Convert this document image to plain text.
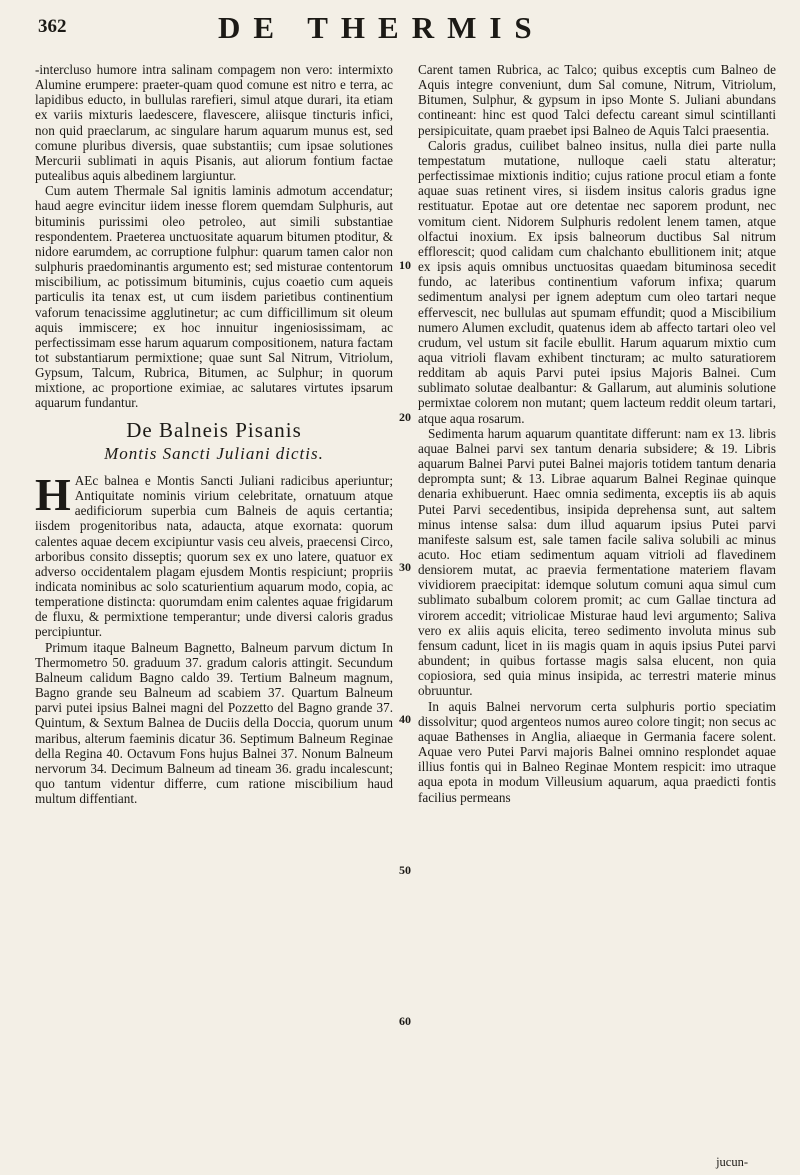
362	DE THERMIS

-intercluso humore intra salinam compagem non vero: intermixto Alumine erumpere: praeter-quam quod comune est nitro e terra, ac lapidibus educto, in bullulas rarefieri, simul atque durari, ita etiam ex variis mixturis laedescere, flavescere, aliisque tincturis infici, non quid praeclarum, ac singulare harum aquarum munus est, sed comune pluribus diversis, quae substantiis; cum ipsae solutiones Mercurii sublimati in aquis Pisanis, aut aliorum fontium factae putealibus aquis albedinem largiuntur.

Cum autem Thermale Sal ignitis laminis admotum accendatur; haud aegre evincitur iidem inesse florem quemdam Sulphuris, aut bituminis purissimi oleo petroleo, aut simili substantiae respondentem. Praeterea unctuositate aquarum bitumen ptoditur, & nidore earumdem, ac corruptione fulphur: quarum tamen calor non sulphuris praedominantis argumento est; sed misturae contentorum miscibilium, ac potissimum bituminis, cujus coaetio cum aqueis particulis ita tenax est, ut cum iisdem parietibus continentium vaforum tenacissime agglutinetur; ac cum difficillimum sit oleum aquis immiscere; ex hoc innuitur ingeniosissimam, ac perfectissimam esse harum aquarum compositionem, natura factam tot substantiarum permixtione; quae sunt Sal Nitrum, Vitriolum, Gypsum, Talcum, Rubrica, Bitumen, ac Sulphur; in quorum mixtione, ac proportione eximiae, ac salutares virtutes ipsarum aquarum fundantur.

De Balneis Pisanis
Montis Sancti Juliani dictis.

H AEc balnea e Montis Sancti Juliani radicibus aperiuntur; Antiquitate nominis virium celebritate, ornatuum atque aedificiorum superbia cum Balneis de aquis certantia; iisdem progenitoribus nata, adaucta, atque exornata: quorum calentes aquae decem excipiuntur vasis ceu alveis, praecensi Circo, arboribus consito disseptis; quorum sex ex uno latere, quatuor ex adverso occidentalem plagam ejusdem Montis respiciunt; propriis indicata nominibus ac solo scaturientium aquarum modo, copia, ac temperatione distincta: quorumdam enim calentes aquae frigidarum de fluxu, & permixtione temperantur; unde diversi caloris gradus percipiuntur.

Primum itaque Balneum Bagnetto, Balneum parvum dictum In Thermometro 50. graduum 37. gradum caloris attingit. Secundum Balneum calidum Bagno caldo 39. Tertium Balneum magnum, Bagno grande seu Balneum ad scabiem 37. Quartum Balneum parvi putei ipsius Balnei magni del Pozzetto del Bagno grande 37. Quintum, & Sextum Balnea de Duciis della Doccia, quorum unum maribus, alterum faeminis dicatur 36. Septimum Balneum Reginae della Regina 40. Octavum Fons hujus Balnei 37. Nonum Balneum nervorum 34. Decimum Balneum ad tineam 36. gradu incalescunt; quo tantum videntur differre, cum ratione miscibilium haud multum diffentiant.

10
20
30
40
50
60

Carent tamen Rubrica, ac Talco; quibus exceptis cum Balneo de Aquis integre conveniunt, dum Sal comune, Nitrum, Vitriolum, Bitumen, Sulphur, & gypsum in ipso Monte S. Juliani abundans contineant: hinc est quod Talci defectu careant simul scintillanti persipicuitate, quam praebet ipsi Balneo de Aquis Talci praesentia.

Caloris gradus, cuilibet balneo insitus, nulla diei parte nulla tempestatum mutatione, nulloque caeli statu alteratur; perfectissimae mixtionis inditio; cujus ratione procul etiam a fonte aquae suas retinent vires, si iisdem insitus caloris gradus igne restituatur. Epotae aut ore detentae nec saporem produnt, nec vomitum cient. Nidorem Sulphuris redolent lenem tamen, atque olfactui inoxium. Ex ipsis balneorum ductibus Sal nitrum efflorescit; quod calidam cum chalchanto ebullitionem init; atque ex ipsis aquis omnibus unctuositas quaedam bituminosa secedit fundo, ac lateribus continentium vaforum infixa; quarum sedimentum analysi per ignem adeptum cum oleo tartari neque effervescit, nec bullulas aut spumam effundit; quod a Miscibilium numero Alumen excludit, quatenus idem ab affecto tartari oleo vel crudum, vel ustum sit facile ebullit. Harum aquarum mixtio cum aqua vitrioli flavam exhibent tincturam; ac multo saturatiorem redditam ab aquis Parvi putei ipsius Majoris Balnei. Cum sublimato solutae dealbantur: & Gallarum, aut aluminis solutione permixtae colorem non mutant; quem lacteum reddit oleum tartari, atque aqua rosarum.

Sedimenta harum aquarum quantitate differunt: nam ex 13. libris aquae Balnei parvi sex tantum denaria subsidere; & 19. Libris aquarum Balnei Parvi putei Balnei majoris totidem tantum denaria deprompta sunt; & 13. Librae aquarum Balnei Reginae quinque denaria exhibuerunt. Haec omnia sedimenta, exceptis iis ab aquis Putei Parvi secedentibus, insipida deprehensa sunt, aut saltem minus intense salsa: dum illud aquarum ipsius Putei parvi manifeste salsum est, sale tamen facile saliva solubili ac minus acuto. Hoc etiam sedimentum aquam vitrioli ad flavedinem densiorem mutat, ac praevia fermentatione materiem flavam vividiorem praecipitat: idemque solutum comuni aqua simul cum sublimato subalbum colorem promit; ac cum Gallae tinctura ad virorem accedit; vitriolicae Misturae haud levi argumento; Saliva vero ex aliis aquis elicita, tereo sedimento involuta minus sub fensum cadunt, licet in iis magis quam in aquis ipsius Putei parvi abundent; in quibus fortasse magis salsa elucent, non quia copiosiora, sed quia minus insipida, ac terrestri materie minus obruuntur.

In aquis Balnei nervorum certa sulphuris portio speciatim dissolvitur; quod argenteos numos aureo colore tingit; non secus ac aquae Bathenses in Anglia, aliaeque in Germania facere solent. Aquae vero Putei Parvi majoris Balnei omnino resplondet aquae illius fontis qui in Balneo Reginae Montem respicit: imo utraque aqua epota in modum Villeusium aquarum, aqua praedicti fontis facilius permeans

jucun-
